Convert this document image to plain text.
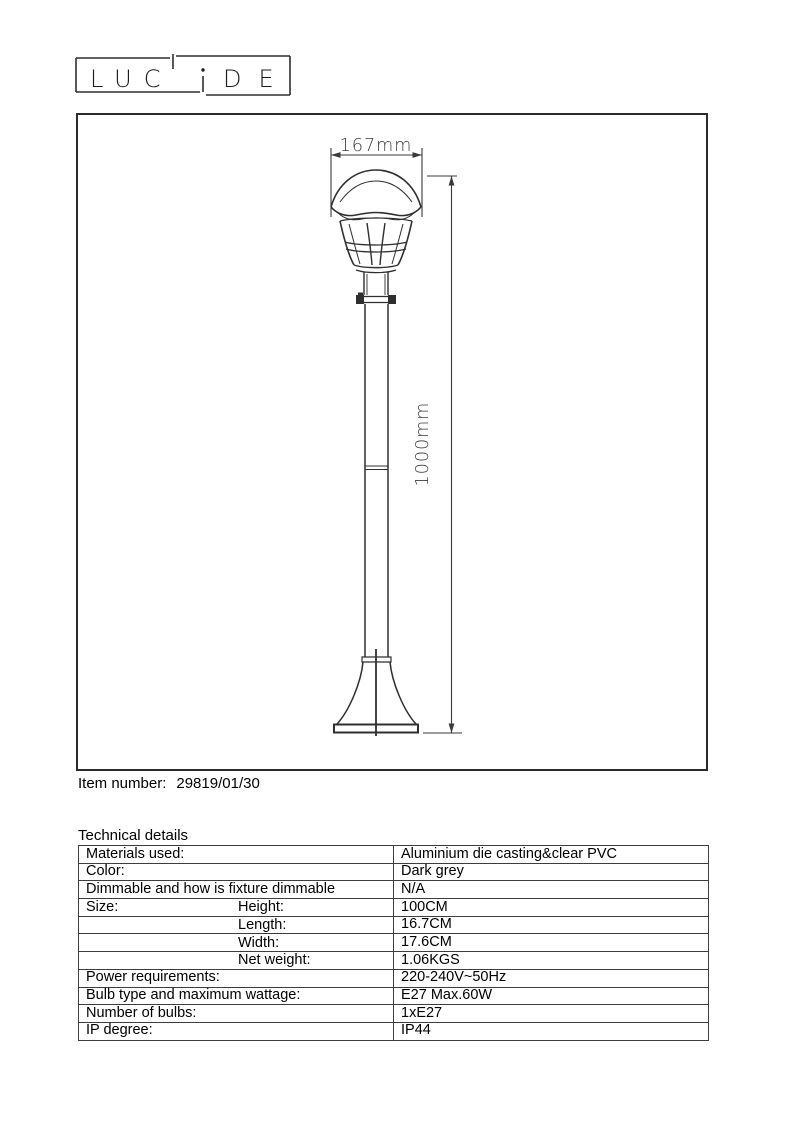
LUC DE
167mm
1000mm
Item number: 29819/01/30
Technical details
Materials used:	Aluminium die casting&clear PVC
Color:	Dark grey
Dimmable and how is fixture dimmable	N/A
Size: Height:	100CM

Length:	16.7CM

Width:	17.6CM

Net weight:	1.06KGS
Power requirements:	220-240V~50Hz
Bulb type and maximum wattage:	E27 Max.60W
Number of bulbs:	1xE27
IP degree:	IP44
